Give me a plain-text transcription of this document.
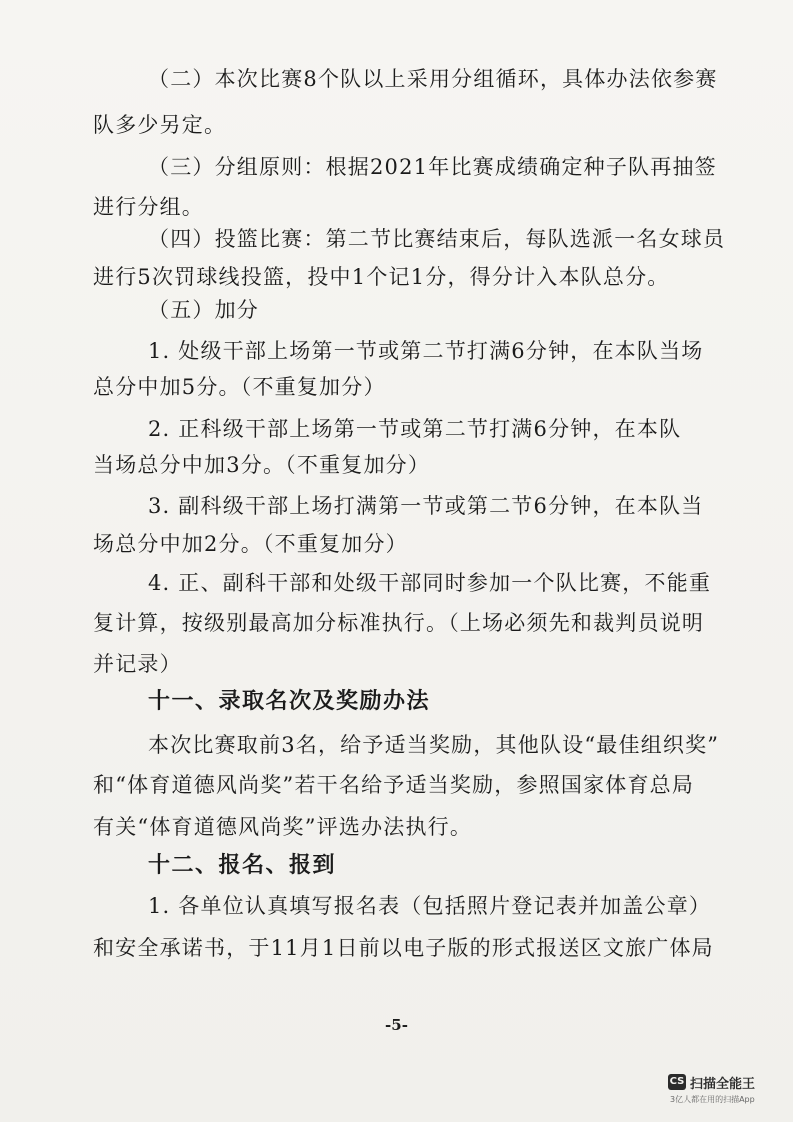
（二）本次比赛8个队以上采用分组循环，具体办法依参赛
队多少另定。
（三）分组原则：根据2021年比赛成绩确定种子队再抽签
进行分组。
（四）投篮比赛：第二节比赛结束后，每队选派一名女球员
进行5次罚球线投篮，投中1个记1分，得分计入本队总分。
（五）加分
1. 处级干部上场第一节或第二节打满6分钟，在本队当场
总分中加5分。（不重复加分）
2. 正科级干部上场第一节或第二节打满6分钟，在本队
当场总分中加3分。（不重复加分）
3. 副科级干部上场打满第一节或第二节6分钟，在本队当
场总分中加2分。（不重复加分）
4. 正、副科干部和处级干部同时参加一个队比赛，不能重
复计算，按级别最高加分标准执行。（上场必须先和裁判员说明
并记录）
十一、录取名次及奖励办法
本次比赛取前3名，给予适当奖励，其他队设“最佳组织奖”
和“体育道德风尚奖”若干名给予适当奖励，参照国家体育总局
有关“体育道德风尚奖”评选办法执行。
十二、报名、报到
1. 各单位认真填写报名表（包括照片登记表并加盖公章）
和安全承诺书，于11月1日前以电子版的形式报送区文旅广体局
-5-
CS 扫描全能王
3亿人都在用的扫描App
